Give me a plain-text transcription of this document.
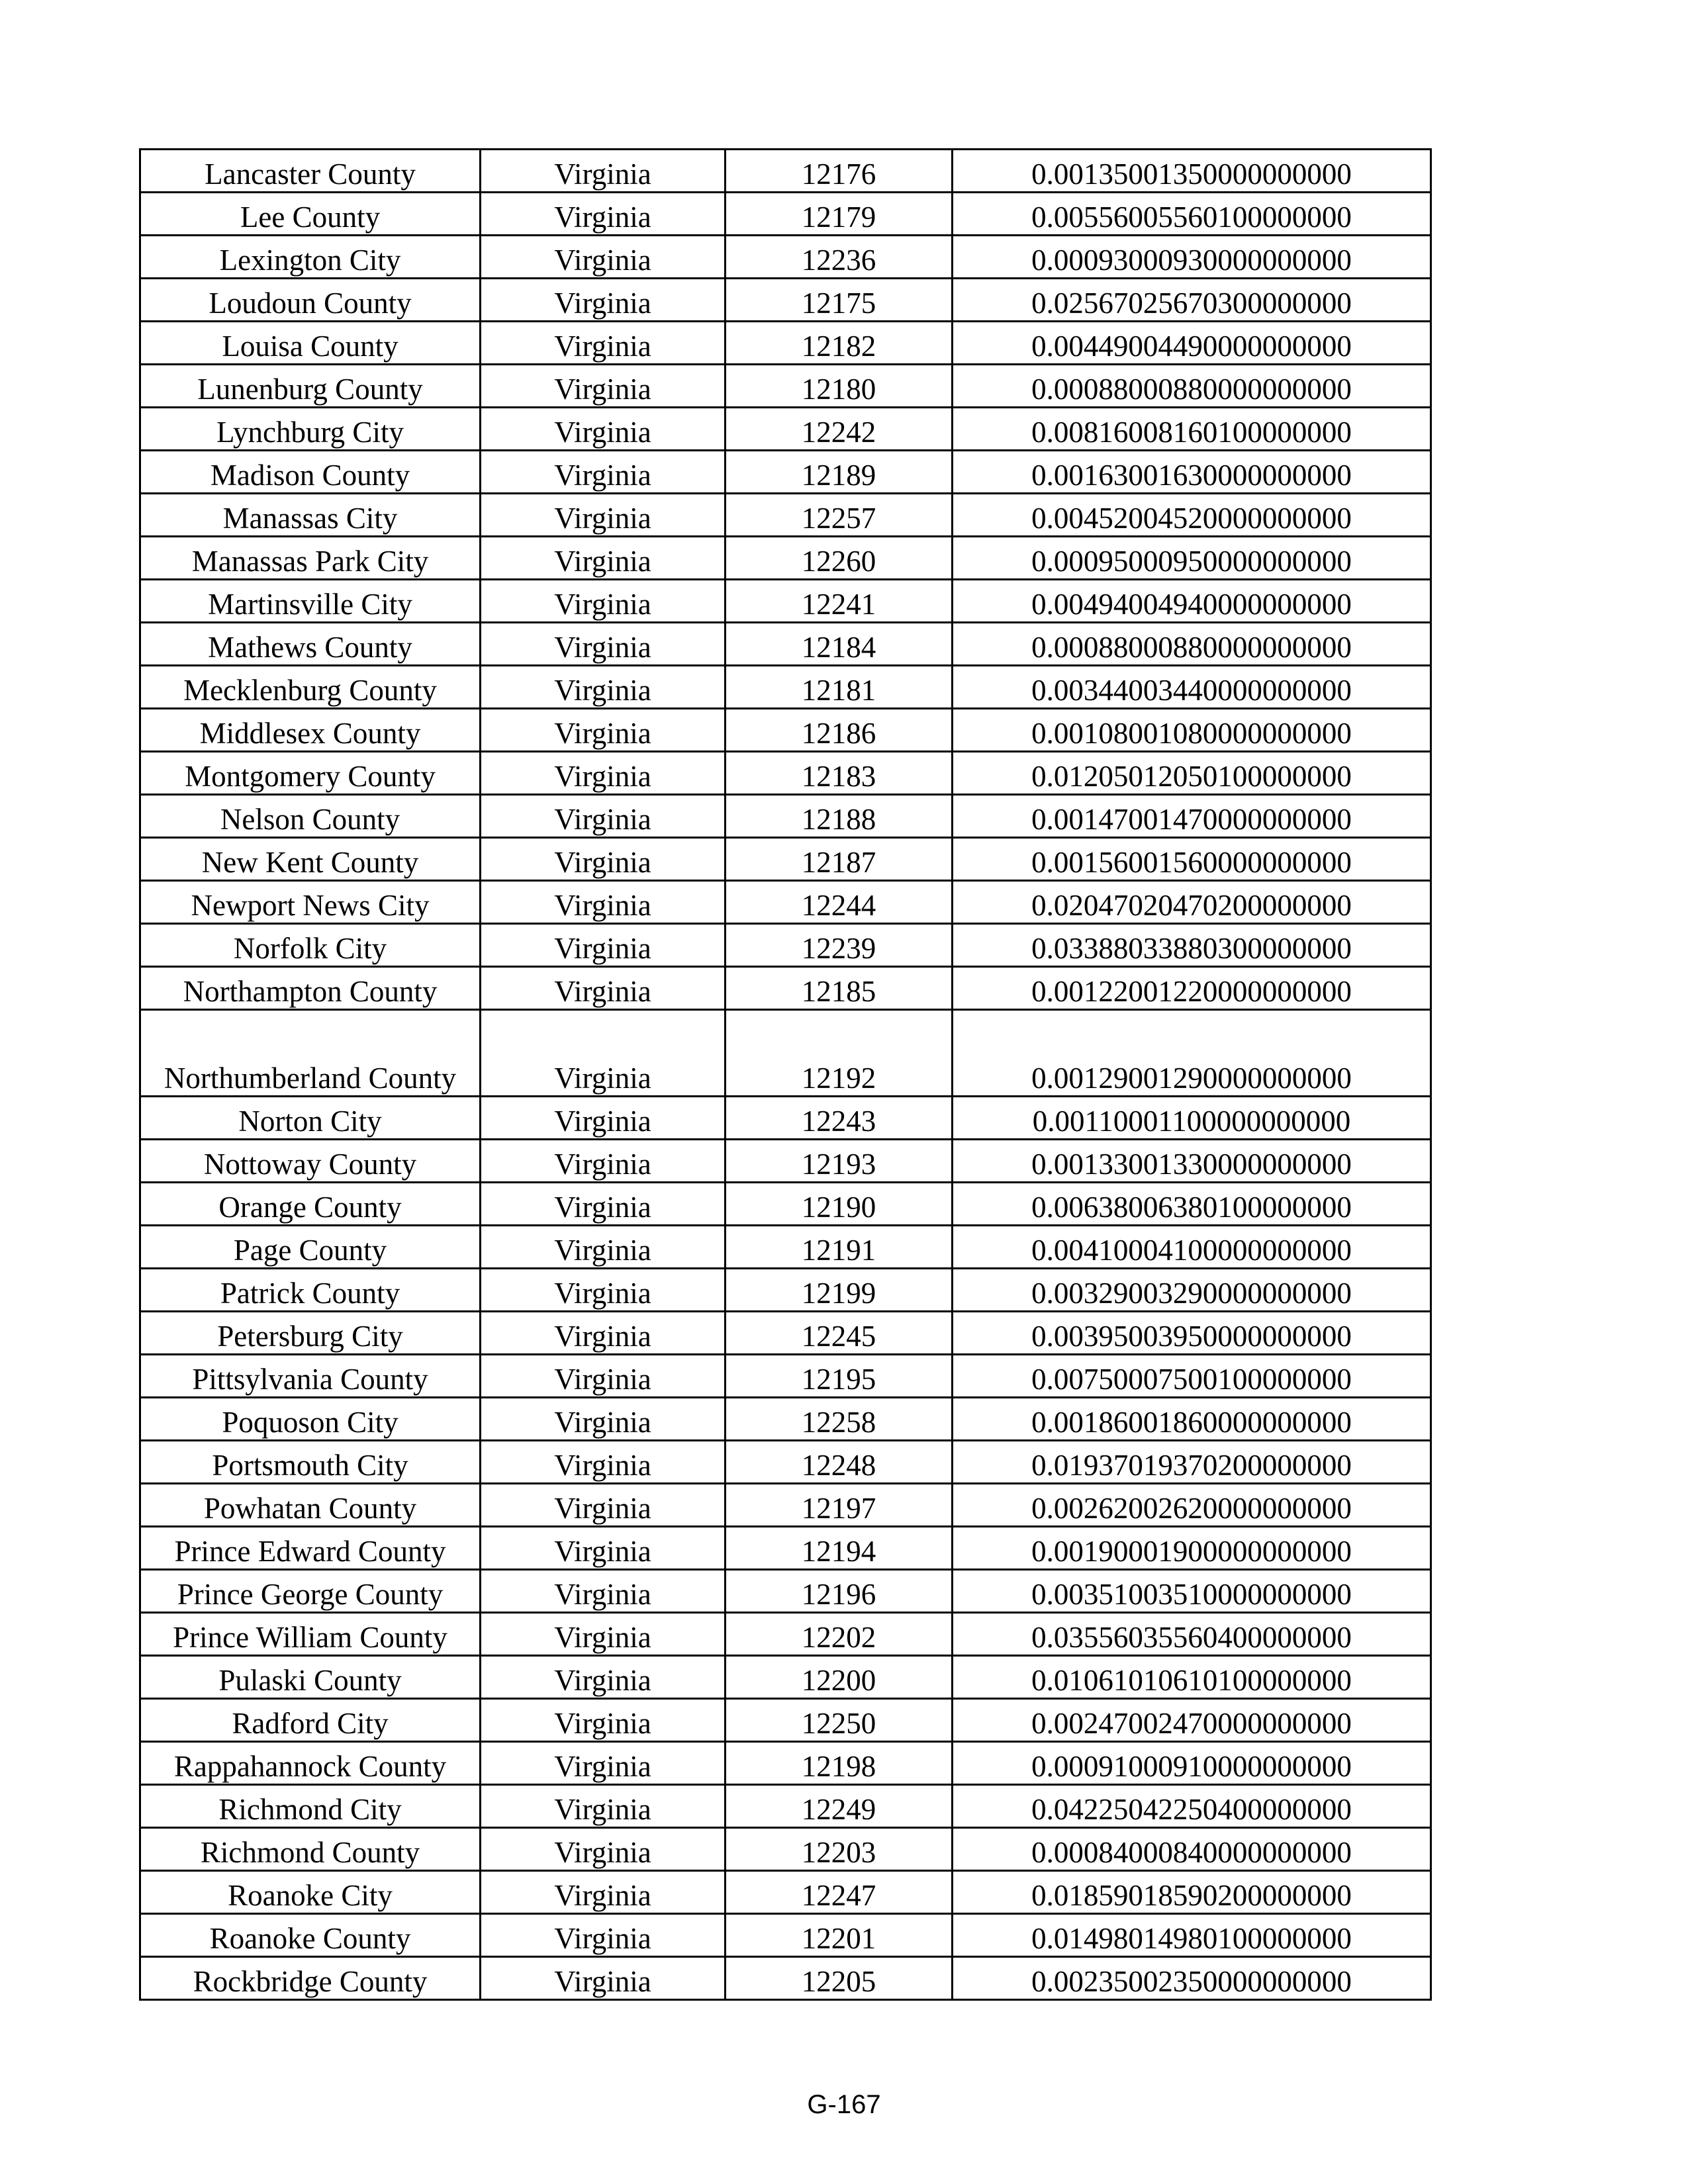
Lancaster County	Virginia	12176	0.00135001350000000000
Lee County	Virginia	12179	0.00556005560100000000
Lexington City	Virginia	12236	0.00093000930000000000
Loudoun County	Virginia	12175	0.02567025670300000000
Louisa County	Virginia	12182	0.00449004490000000000
Lunenburg County	Virginia	12180	0.00088000880000000000
Lynchburg City	Virginia	12242	0.00816008160100000000
Madison County	Virginia	12189	0.00163001630000000000
Manassas City	Virginia	12257	0.00452004520000000000
Manassas Park City	Virginia	12260	0.00095000950000000000
Martinsville City	Virginia	12241	0.00494004940000000000
Mathews County	Virginia	12184	0.00088000880000000000
Mecklenburg County	Virginia	12181	0.00344003440000000000
Middlesex County	Virginia	12186	0.00108001080000000000
Montgomery County	Virginia	12183	0.01205012050100000000
Nelson County	Virginia	12188	0.00147001470000000000
New Kent County	Virginia	12187	0.00156001560000000000
Newport News City	Virginia	12244	0.02047020470200000000
Norfolk City	Virginia	12239	0.03388033880300000000
Northampton County	Virginia	12185	0.00122001220000000000
Northumberland County	Virginia	12192	0.00129001290000000000
Norton City	Virginia	12243	0.00110001100000000000
Nottoway County	Virginia	12193	0.00133001330000000000
Orange County	Virginia	12190	0.00638006380100000000
Page County	Virginia	12191	0.00410004100000000000
Patrick County	Virginia	12199	0.00329003290000000000
Petersburg City	Virginia	12245	0.00395003950000000000
Pittsylvania County	Virginia	12195	0.00750007500100000000
Poquoson City	Virginia	12258	0.00186001860000000000
Portsmouth City	Virginia	12248	0.01937019370200000000
Powhatan County	Virginia	12197	0.00262002620000000000
Prince Edward County	Virginia	12194	0.00190001900000000000
Prince George County	Virginia	12196	0.00351003510000000000
Prince William County	Virginia	12202	0.03556035560400000000
Pulaski County	Virginia	12200	0.01061010610100000000
Radford City	Virginia	12250	0.00247002470000000000
Rappahannock County	Virginia	12198	0.00091000910000000000
Richmond City	Virginia	12249	0.04225042250400000000
Richmond County	Virginia	12203	0.00084000840000000000
Roanoke City	Virginia	12247	0.01859018590200000000
Roanoke County	Virginia	12201	0.01498014980100000000
Rockbridge County	Virginia	12205	0.00235002350000000000
G-167
